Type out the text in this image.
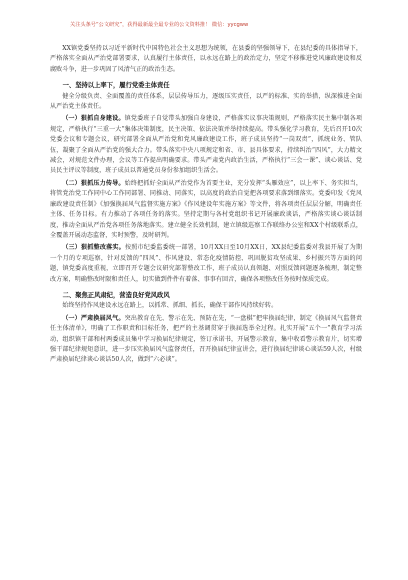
关注头条号“公文研究”，获得最新最全最专业的公文资料推！ 微信：yycgww

XX镇党委坚持以习近平新时代中国特色社会主义思想为统领，在县委的坚强领导下，在县纪委的具体指导下，严格落实全面从严治党部署要求，认真履行主体责任，以永远在路上的政治定力，坚定不移推进党风廉政建设和反腐败斗争，进一步巩固了风清气正的政治生态。

一、坚持以上率下，履行党委主体责任

健全分级负责、全面覆盖的责任体系，层层传导压力，逐级压实责任，以严的标准、实的举措，纵深推进全面从严治党主体责任。

（一）狠抓自身建设。镇党委班子自觉带头加强自身建设，严格落实议事决策规则，严格落实民主集中制各项规定，严格执行“三重一大”集体决策制度，民主决策、依法决策并举持续提高。带头强化学习教育，先后召开10次党委会议和专题会议，研究部署全面从严治党和党风廉政建设工作，班子成员坚持“一岗双责”，抓统业务、管队伍，凝聚了全面从严治党的强大合力。带头落实中央八项规定和省、市、县具体要求，持续纠治“四风”，大力精文减会，对规范文件办理，会议等工作提出明确要求。带头严肃党内政治生活，严格执行“三会一课”、谈心谈话、党员民主评议等制度，班子成员以普通党员身份参加组织生活会。

（二）狠抓压力传导。始终把抓好全面从严治党作为首要主业，充分发挥“头雁效应”，以上率下、务实担当，将管党治党工作同中心工作同部署、同推动、同落实，以高度的政治自觉把各项要求落到细落实。党委印发《党风廉政建设责任制》《加强换届风气监督实施方案》《作风建设年实施方案》等文件，将各项责任层层分解，明确责任主体、任务目标。有力推动了各项任务的落实。坚持定期与各村党组织书记开展廉政谈话，严格落实谈心谈话制度，推动全面从严治党各项任务落地落实。建立健全长效机制，建立镇级巡察工作联络办公室和XX个村级联系点，全覆盖开展动态监督，实时预警，及时研判。

（三）狠抓整改落实。按照市纪委监委统一部署，10月XX日至10月XX日，XX县纪委监委对我县开展了为期一个月的专项巡察，针对反馈的“四风”、作风建设、常态化疫情防控、巩固脱贫攻坚成果、乡村振兴等方面的问题，镇党委高度重视，立即召开专题会议研究部署整改工作，班子成员认真领题、对照反馈问题逐条梳理，制定整改方案，明确整改时限和责任人，切实做到件件有着落、事事有回音，确保各项整改任务按时保质完成。

二、聚焦正风肃纪，营造良好党风政风

始终坚持作风建设永远在路上，以抓常、抓细、抓长，确保干部作风持续好转。

（一）严肃换届风气。突出教育在先、警示在先、预防在先，“一盘棋”把牢换届纪律，制定《换届风气监督责任主体清单》，明确了工作职责和目标任务，把严的主基调贯穿于换届选举全过程。扎实开展“五个一”教育学习活动，组织镇干部和村两委成员集中学习换届纪律规定，签订承诺书，开展警示教育，集中收看警示教育片，切实增强干部纪律规矩意识，进一步压实换届风气监督责任，召开换届纪律宣讲会，进行换届纪律谈心谈话59人次，村级严肃换届纪律谈心谈话50人次，做到“六必谈”。
